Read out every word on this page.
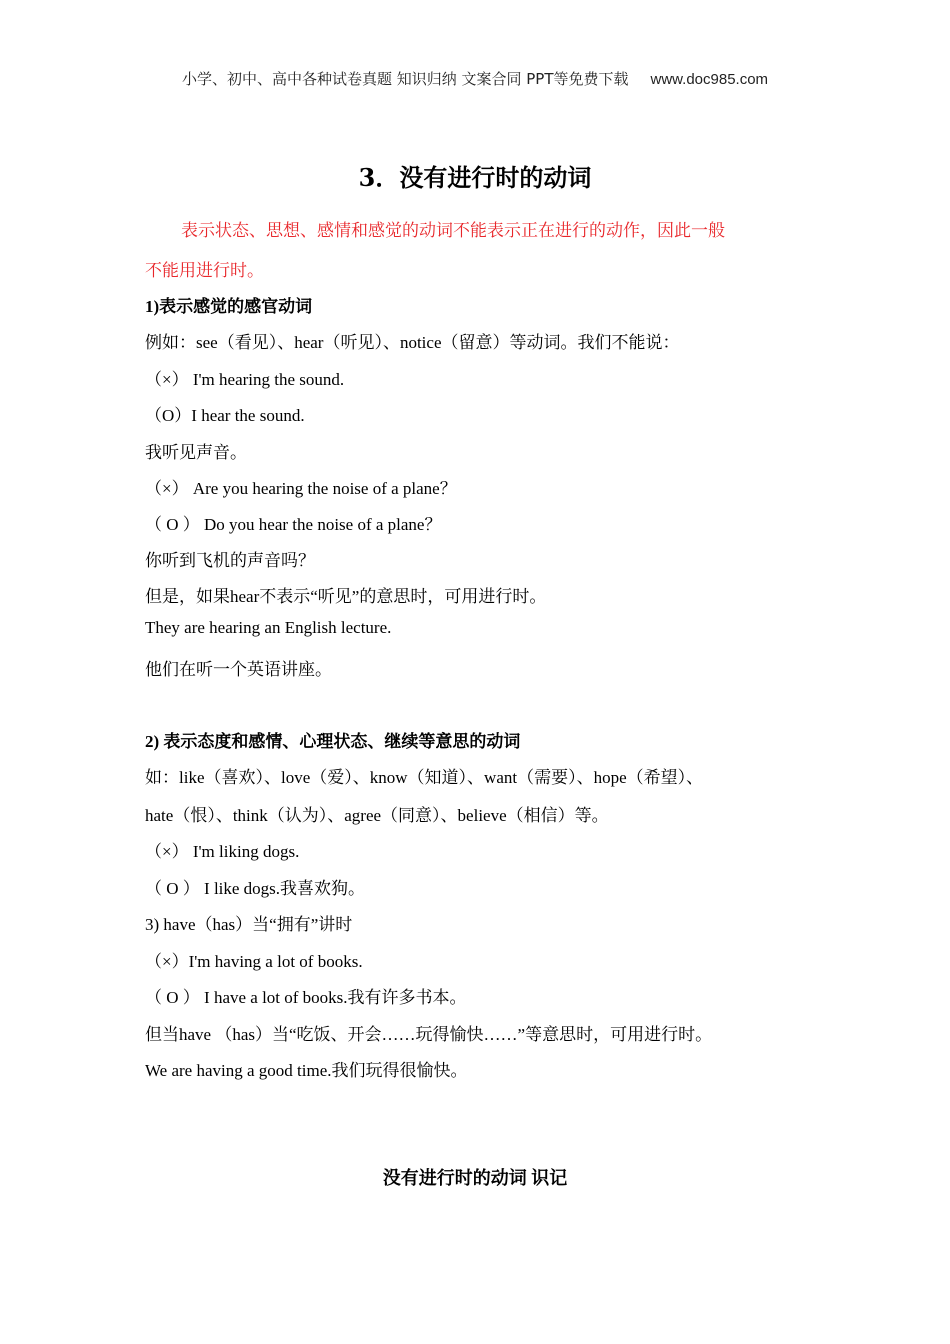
小学、初中、高中各种试卷真题 知识归纳 文案合同 PPT等免费下载 www.doc985.com
3．没有进行时的动词
表示状态、思想、感情和感觉的动词不能表示正在进行的动作，因此一般
不能用进行时。
1)表示感觉的感官动词
例如：see（看见）、hear（听见）、notice（留意）等动词。我们不能说：
（×） I'm hearing the sound.
（O）I hear the sound.
我听见声音。
（×） Are you hearing the noise of a plane？
（ O ） Do you hear the noise of a plane？
你听到飞机的声音吗？
但是，如果hear不表示“听见”的意思时，可用进行时。
They are hearing an English lecture.
他们在听一个英语讲座。
2) 表示态度和感情、心理状态、继续等意思的动词
如：like（喜欢）、love（爱）、know（知道）、want（需要）、hope（希望）、
hate（恨）、think（认为）、agree（同意）、believe（相信）等。
（×） I'm liking dogs.
（ O ） I like dogs.我喜欢狗。
3) have（has）当“拥有”讲时
（×）I'm having a lot of books.
（ O ） I have a lot of books.我有许多书本。
但当have （has）当“吃饭、开会……玩得愉快……”等意思时，可用进行时。
We are having a good time.我们玩得很愉快。
没有进行时的动词 识记
